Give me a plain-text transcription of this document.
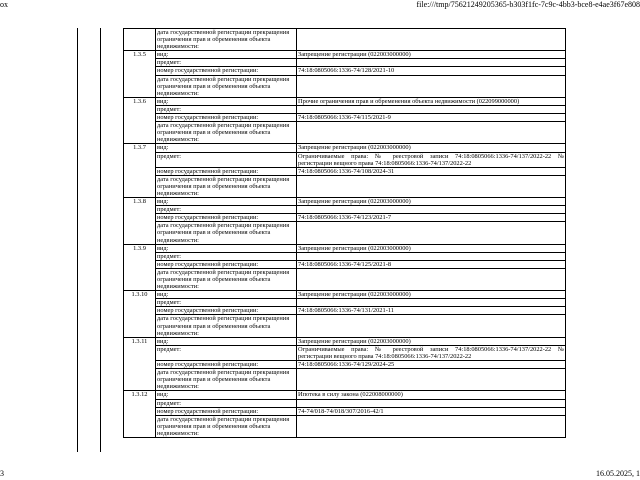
ox	file:///tmp/75621249205365-b303f1fc-7c9c-4bb3-bce8-e4ae3f67e808
	дата государственной регистрации прекращения ограничения прав и обременения объекта недвижимости:	
1.3.5	вид:	Запрещение регистрации (022003000000)
	предмет:	
	номер государственной регистрации:	74:18:0805066:1336-74/128/2021-10
	дата государственной регистрации прекращения ограничения прав и обременения объекта недвижимости:	
1.3.6	вид:	Прочие ограничения прав и обременения объекта недвижимости (022099000000)
	предмет:	
	номер государственной регистрации:	74:18:0805066:1336-74/115/2021-9
	дата государственной регистрации прекращения ограничения прав и обременения объекта недвижимости:	
1.3.7	вид:	Запрещение регистрации (022003000000)
	предмет:	Ограничиваемые права: № реестровой записи 74:18:0805066:1336-74/137/2022-22 № регистрации вещного права 74:18:0805066:1336-74/137/2022-22
	номер государственной регистрации:	74:18:0805066:1336-74/108/2024-31
	дата государственной регистрации прекращения ограничения прав и обременения объекта недвижимости:	
1.3.8	вид:	Запрещение регистрации (022003000000)
	предмет:	
	номер государственной регистрации:	74:18:0805066:1336-74/123/2021-7
	дата государственной регистрации прекращения ограничения прав и обременения объекта недвижимости:	
1.3.9	вид:	Запрещение регистрации (022003000000)
	предмет:	
	номер государственной регистрации:	74:18:0805066:1336-74/125/2021-8
	дата государственной регистрации прекращения ограничения прав и обременения объекта недвижимости:	
1.3.10	вид:	Запрещение регистрации (022003000000)
	предмет:	
	номер государственной регистрации:	74:18:0805066:1336-74/131/2021-11
	дата государственной регистрации прекращения ограничения прав и обременения объекта недвижимости:	
1.3.11	вид:	Запрещение регистрации (022003000000)
	предмет:	Ограничиваемые права: № реестровой записи 74:18:0805066:1336-74/137/2022-22 № регистрации вещного права 74:18:0805066:1336-74/137/2022-22
	номер государственной регистрации:	74:18:0805066:1336-74/129/2024-25
	дата государственной регистрации прекращения ограничения прав и обременения объекта недвижимости:	
1.3.12	вид:	Ипотека в силу закона (022008000000)
	предмет:	
	номер государственной регистрации:	74-74/018-74/018/307/2016-42/1
	дата государственной регистрации прекращения ограничения прав и обременения объекта недвижимости:	
3	16.05.2025, 1
